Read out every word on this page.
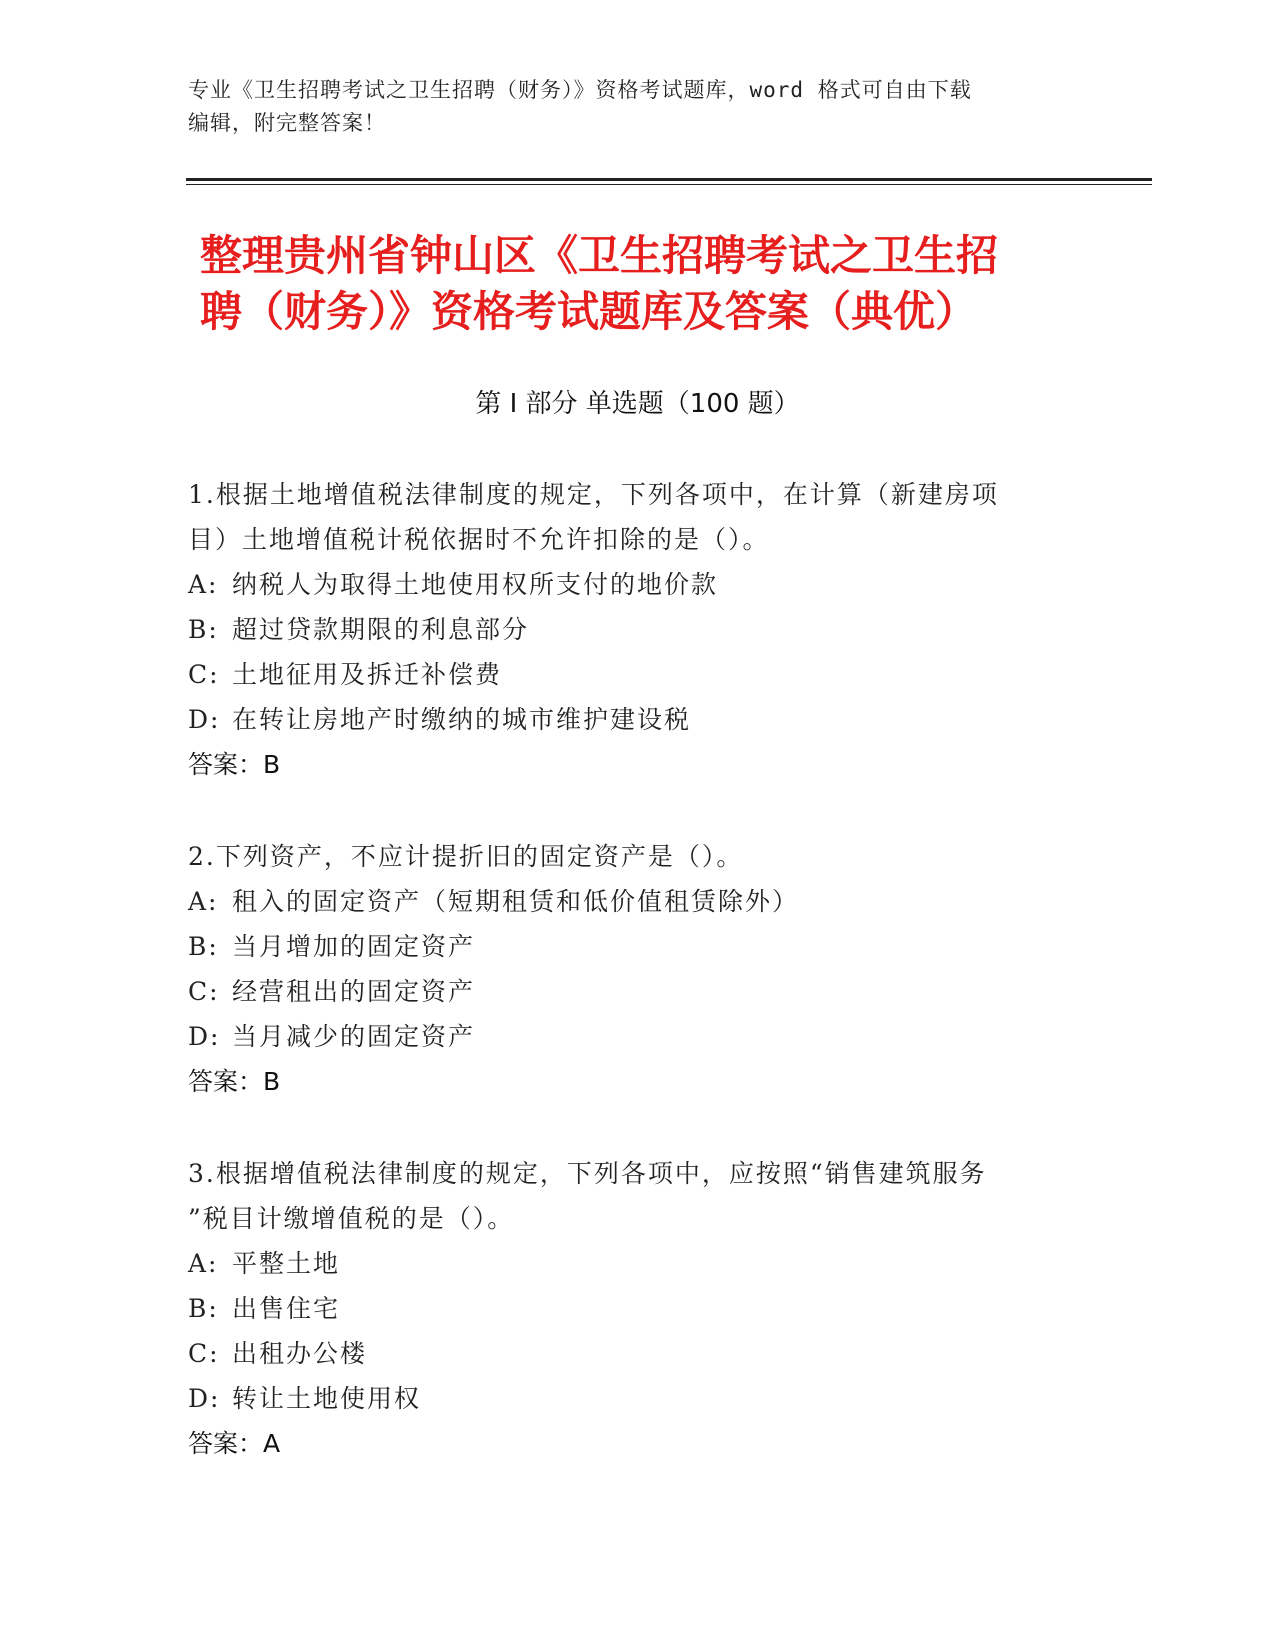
专业《卫生招聘考试之卫生招聘（财务）》资格考试题库，word 格式可自由下载
编辑，附完整答案！
整理贵州省钟山区《卫生招聘考试之卫生招
聘（财务）》资格考试题库及答案（典优）
第 I 部分 单选题（100 题）
1.根据土地增值税法律制度的规定，下列各项中，在计算（新建房项
目）土地增值税计税依据时不允许扣除的是（）。
A: 纳税人为取得土地使用权所支付的地价款
B: 超过贷款期限的利息部分
C: 土地征用及拆迁补偿费
D: 在转让房地产时缴纳的城市维护建设税
答案：B
2.下列资产，不应计提折旧的固定资产是（）。
A: 租入的固定资产（短期租赁和低价值租赁除外）
B: 当月增加的固定资产
C: 经营租出的固定资产
D: 当月减少的固定资产
答案：B
3.根据增值税法律制度的规定，下列各项中，应按照“销售建筑服务
”税目计缴增值税的是（）。
A: 平整土地
B: 出售住宅
C: 出租办公楼
D: 转让土地使用权
答案：A
